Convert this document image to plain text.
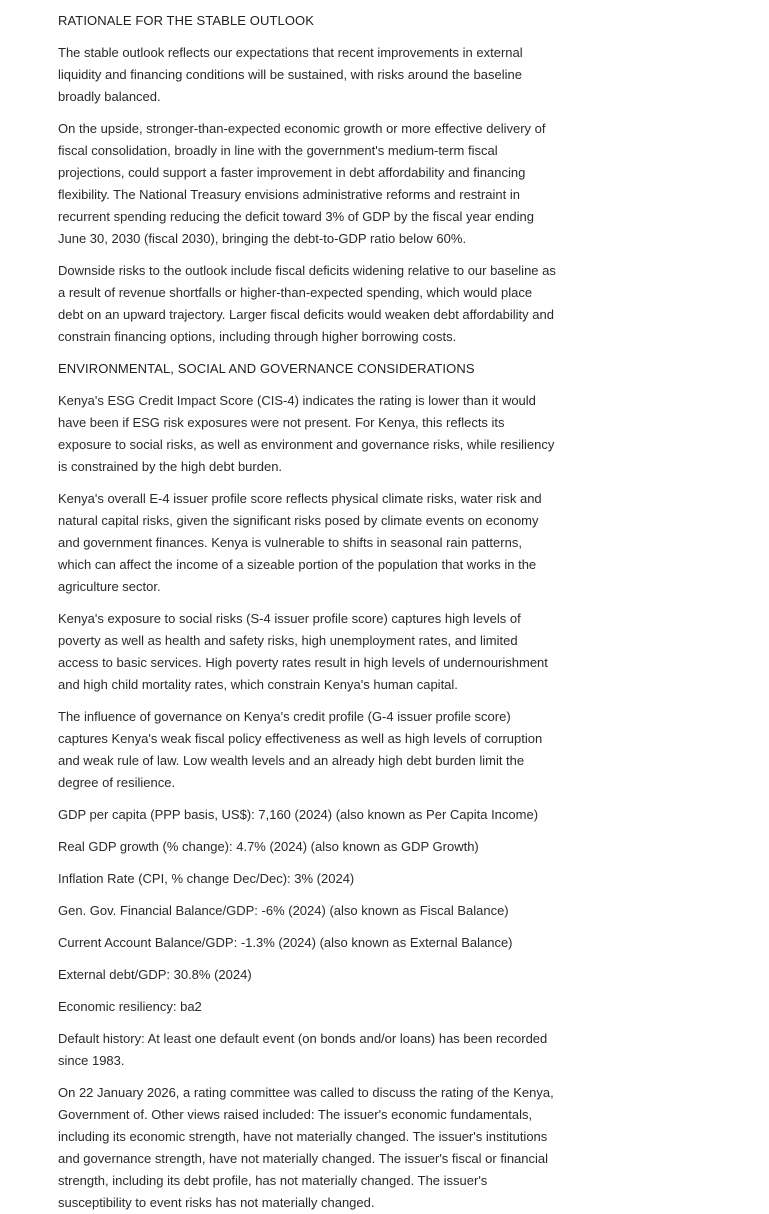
RATIONALE FOR THE STABLE OUTLOOK

The stable outlook reflects our expectations that recent improvements in external liquidity and financing conditions will be sustained, with risks around the baseline broadly balanced.

On the upside, stronger-than-expected economic growth or more effective delivery of fiscal consolidation, broadly in line with the government's medium-term fiscal projections, could support a faster improvement in debt affordability and financing flexibility. The National Treasury envisions administrative reforms and restraint in recurrent spending reducing the deficit toward 3% of GDP by the fiscal year ending June 30, 2030 (fiscal 2030), bringing the debt-to-GDP ratio below 60%.

Downside risks to the outlook include fiscal deficits widening relative to our baseline as a result of revenue shortfalls or higher-than-expected spending, which would place debt on an upward trajectory. Larger fiscal deficits would weaken debt affordability and constrain financing options, including through higher borrowing costs.

ENVIRONMENTAL, SOCIAL AND GOVERNANCE CONSIDERATIONS

Kenya's ESG Credit Impact Score (CIS-4) indicates the rating is lower than it would have been if ESG risk exposures were not present. For Kenya, this reflects its exposure to social risks, as well as environment and governance risks, while resiliency is constrained by the high debt burden.

Kenya's overall E-4 issuer profile score reflects physical climate risks, water risk and natural capital risks, given the significant risks posed by climate events on economy and government finances. Kenya is vulnerable to shifts in seasonal rain patterns, which can affect the income of a sizeable portion of the population that works in the agriculture sector.

Kenya's exposure to social risks (S-4 issuer profile score) captures high levels of poverty as well as health and safety risks, high unemployment rates, and limited access to basic services. High poverty rates result in high levels of undernourishment and high child mortality rates, which constrain Kenya's human capital.

The influence of governance on Kenya's credit profile (G-4 issuer profile score) captures Kenya's weak fiscal policy effectiveness as well as high levels of corruption and weak rule of law. Low wealth levels and an already high debt burden limit the degree of resilience.

GDP per capita (PPP basis, US$): 7,160 (2024) (also known as Per Capita Income)

Real GDP growth (% change): 4.7% (2024) (also known as GDP Growth)

Inflation Rate (CPI, % change Dec/Dec): 3% (2024)

Gen. Gov. Financial Balance/GDP: -6% (2024) (also known as Fiscal Balance)

Current Account Balance/GDP: -1.3% (2024) (also known as External Balance)

External debt/GDP: 30.8% (2024)

Economic resiliency: ba2

Default history: At least one default event (on bonds and/or loans) has been recorded since 1983.

On 22 January 2026, a rating committee was called to discuss the rating of the Kenya, Government of. Other views raised included: The issuer's economic fundamentals, including its economic strength, have not materially changed. The issuer's institutions and governance strength, have not materially changed. The issuer's fiscal or financial strength, including its debt profile, has not materially changed. The issuer's susceptibility to event risks has not materially changed.
